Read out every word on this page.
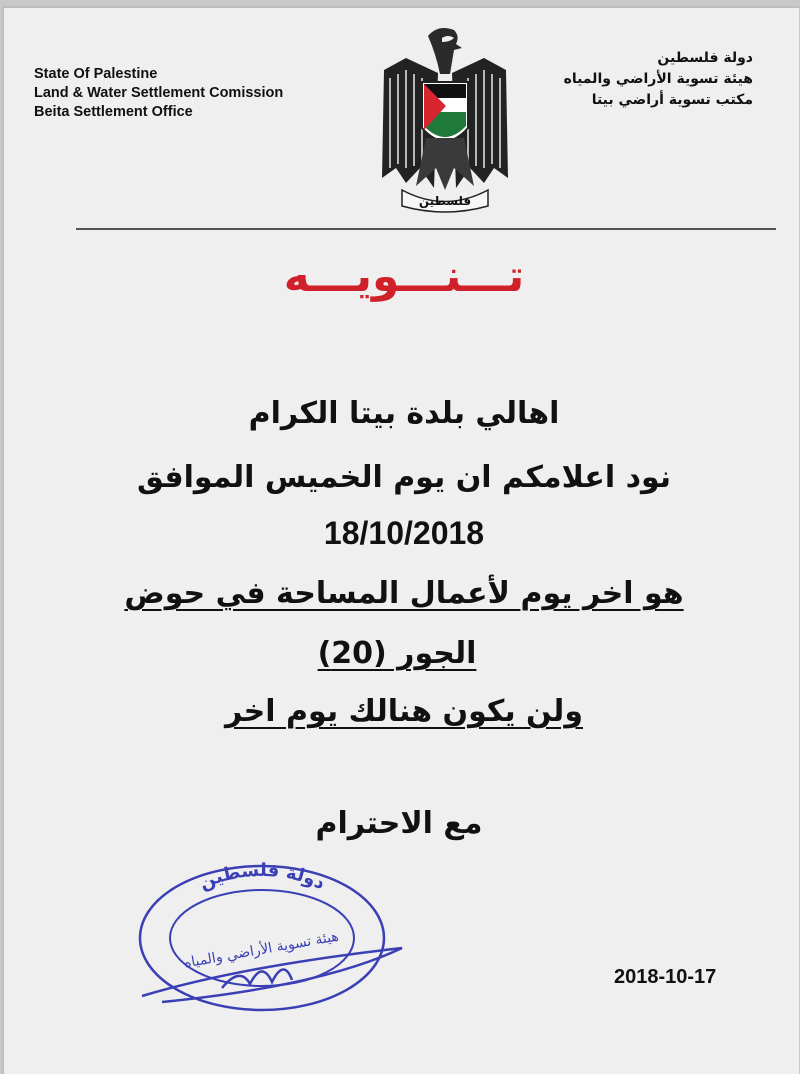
State Of Palestine
Land & Water Settlement Comission
Beita Settlement Office
دولة فلسطين
هيئة تسوية الأراضي والمياه
مكتب تسوية أراضي بيتا
فلسطين
تـــنـــويـــه
اهالي بلدة بيتا الكرام
نود اعلامكم ان يوم الخميس الموافق
18/10/2018
هو اخر يوم لأعمال المساحة في حوض
الجور (20)
ولن يكون هنالك يوم اخر
مع الاحترام
دولة فلسطين
هيئة تسوية الأراضي والمياه
2018-10-17
